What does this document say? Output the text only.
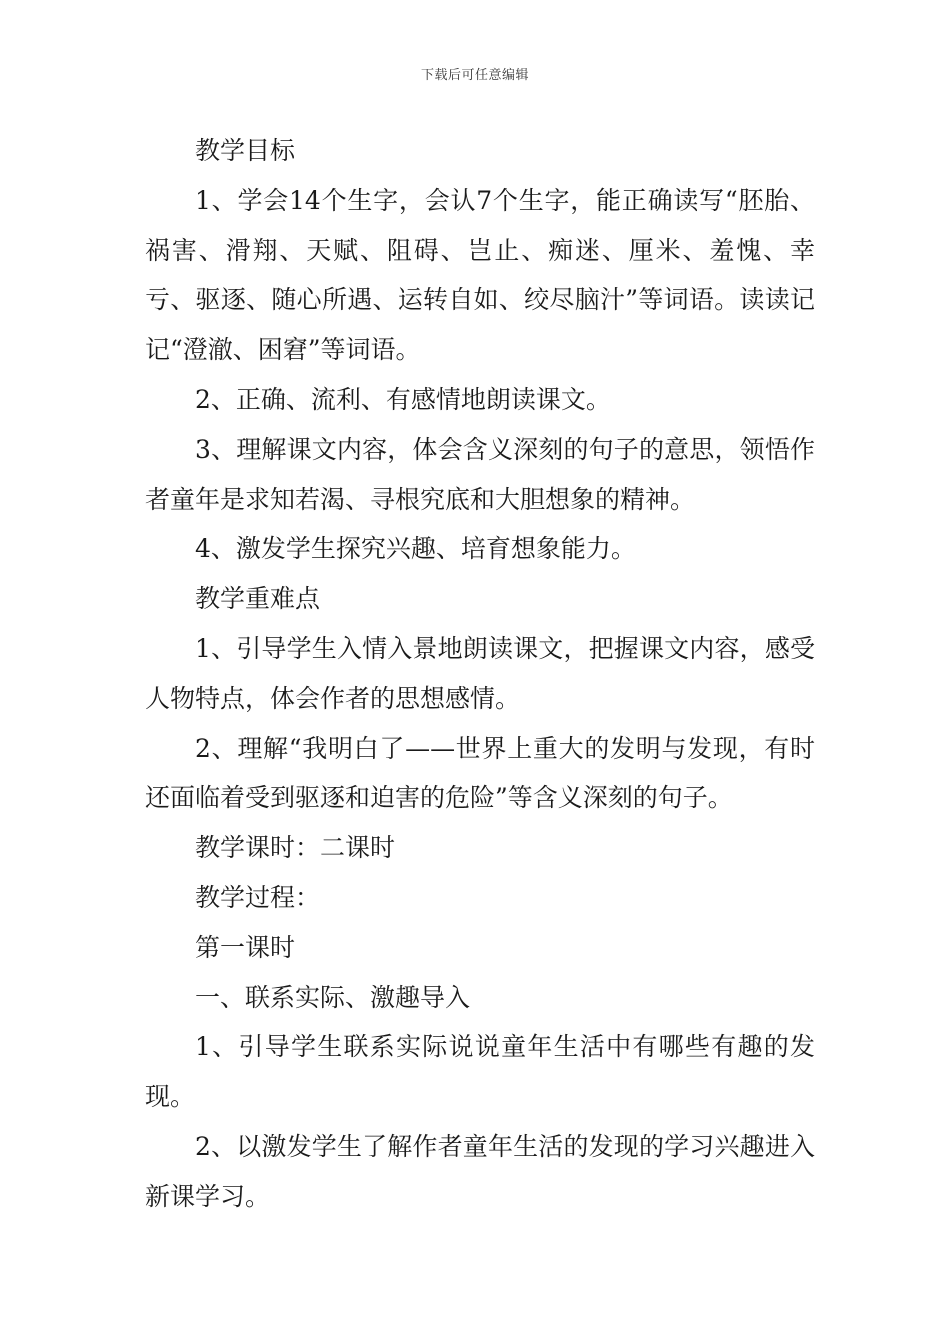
下载后可任意编辑

教学目标

1、学会14个生字，会认7个生字，能正确读写“胚胎、祸害、滑翔、天赋、阻碍、岂止、痴迷、厘米、羞愧、幸亏、驱逐、随心所遇、运转自如、绞尽脑汁”等词语。读读记记“澄澈、困窘”等词语。

2、正确、流利、有感情地朗读课文。

3、理解课文内容，体会含义深刻的句子的意思，领悟作者童年是求知若渴、寻根究底和大胆想象的精神。

4、激发学生探究兴趣、培育想象能力。

教学重难点

1、引导学生入情入景地朗读课文，把握课文内容，感受人物特点，体会作者的思想感情。

2、理解“我明白了——世界上重大的发明与发现，有时还面临着受到驱逐和迫害的危险”等含义深刻的句子。

教学课时：二课时

教学过程：

第一课时

一、联系实际、激趣导入

1、引导学生联系实际说说童年生活中有哪些有趣的发现。

2、以激发学生了解作者童年生活的发现的学习兴趣进入新课学习。
